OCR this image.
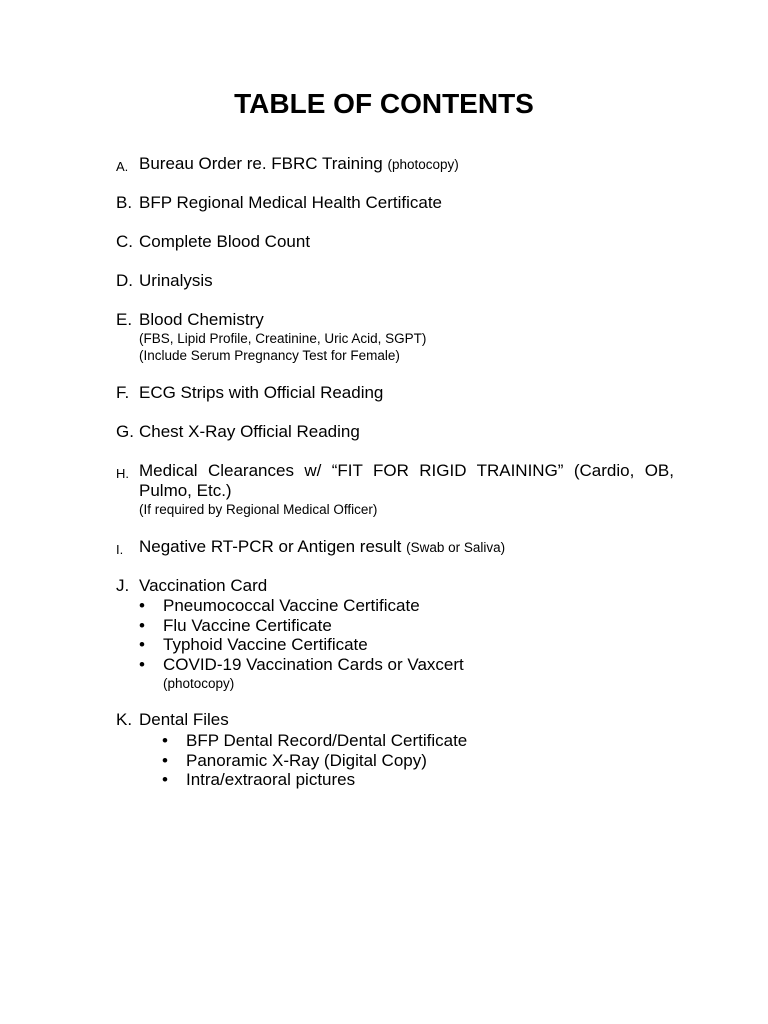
TABLE OF CONTENTS
A. Bureau Order re. FBRC Training (photocopy)
B. BFP Regional Medical Health Certificate
C. Complete Blood Count
D. Urinalysis
E. Blood Chemistry
(FBS, Lipid Profile, Creatinine, Uric Acid, SGPT)
(Include Serum Pregnancy Test for Female)
F. ECG Strips with Official Reading
G. Chest X-Ray Official Reading
H. Medical Clearances w/ “FIT FOR RIGID TRAINING” (Cardio, OB,
Pulmo, Etc.)
(If required by Regional Medical Officer)
I. Negative RT-PCR or Antigen result (Swab or Saliva)
J. Vaccination Card
• Pneumococcal Vaccine Certificate
• Flu Vaccine Certificate
• Typhoid Vaccine Certificate
• COVID-19 Vaccination Cards or Vaxcert
(photocopy)
K. Dental Files
• BFP Dental Record/Dental Certificate
• Panoramic X-Ray (Digital Copy)
• Intra/extraoral pictures
